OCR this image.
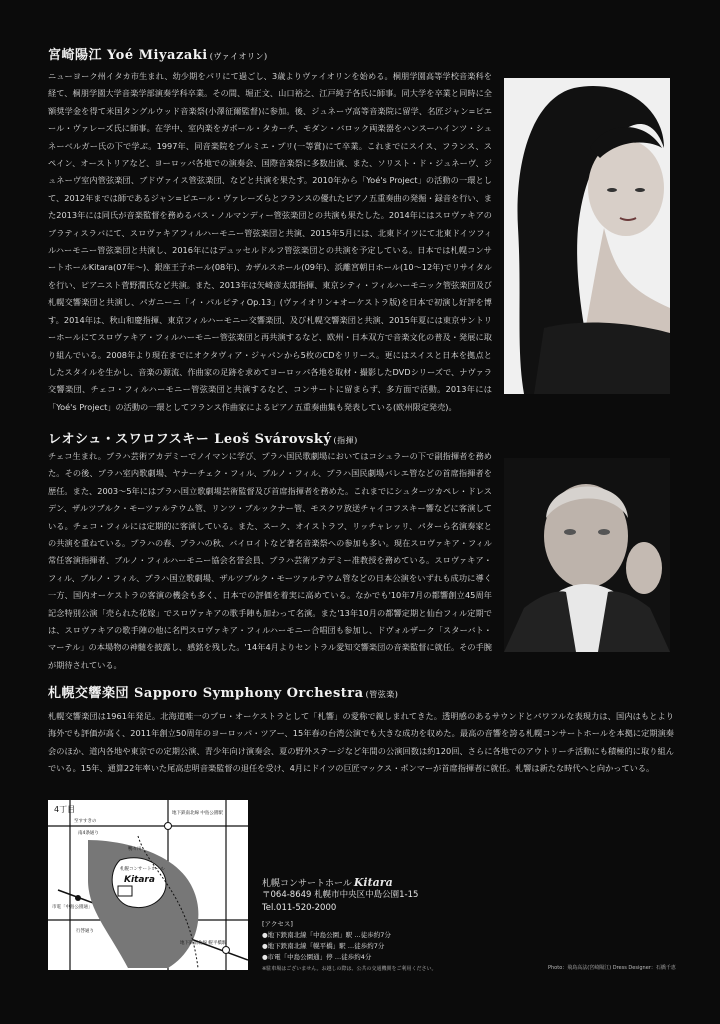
宮崎陽江 Yoé Miyazaki (ヴァイオリン)

ニューヨーク州イタカ市生まれ、幼少期をパリにて過ごし、3歳よりヴァイオリンを始める。桐朋学園高等学校音楽科を経て、桐朋学園大学音楽学部演奏学科卒業。その間、堀正文、山口裕之、江戸純子各氏に師事。同大学を卒業と同時に全額奨学金を得て米国タングルウッド音楽祭(小澤征爾監督)に参加。後、ジュネーヴ高等音楽院に留学、名匠ジャン=ピエール・ヴァレーズ氏に師事。在学中、室内楽をガボール・タカーチ、モダン・バロック両楽器をハンスーハインツ・シュネーベルガー氏の下で学ぶ。1997年、同音楽院をプルミエ・プリ(一等賞)にて卒業。これまでにスイス、フランス、スペイン、オーストリアなど、ヨーロッパ各地での演奏会、国際音楽祭に多数出演、また、ソリスト・ド・ジュネーヴ、ジュネーヴ室内管弦楽団、ブドヴァイス管弦楽団、などと共演を果たす。2010年から「Yoé's Project」の活動の一環として、2012年までは師であるジャン=ピエール・ヴァレーズらとフランスの優れたピアノ五重奏曲の発掘・録音を行い、また2013年には同氏が音楽監督を務めるバス・ノルマンディー管弦楽団との共演も果たした。2014年にはスロヴァキアのブラティスラバにて、スロヴァキアフィルハーモニー管弦楽団と共演、2015年5月には、北東ドイツにて北東ドイツフィルハーモニー管弦楽団と共演し、2016年にはデュッセルドルフ管弦楽団との共演を予定している。日本では札幌コンサートホールKitara(07年〜)、銀座王子ホール(08年)、カザルスホール(09年)、浜離宮朝日ホール(10〜12年)でリサイタルを行い、ピアニスト菅野潤氏など共演。また、2013年は矢崎彦太郎指揮、東京シティ・フィルハーモニック管弦楽団及び札幌交響楽団と共演し、パガニーニ「イ・パルピティOp.13」(ヴァイオリン+オーケストラ版)を日本で初演し好評を博す。2014年は、秋山和慶指揮、東京フィルハーモニー交響楽団、及び札幌交響楽団と共演、2015年夏には東京サントリーホールにてスロヴァキア・フィルハーモニー管弦楽団と再共演するなど、欧州・日本双方で音楽文化の普及・発展に取り組んでいる。2008年より現在までにオクタヴィア・ジャパンから5枚のCDをリリース。更にはスイスと日本を拠点としたスタイルを生かし、音楽の源流、作曲家の足跡を求めてヨーロッパ各地を取材・撮影したDVDシリーズで、ナヴァラ交響楽団、チェコ・フィルハーモニー管弦楽団と共演するなど、コンサートに留まらず、多方面で活動。2013年には「Yoé's Project」の活動の一環としてフランス作曲家によるピアノ五重奏曲集も発表している(欧州限定発売)。

レオシュ・スワロフスキー Leoš Svárovský (指揮)

チェコ生まれ。プラハ芸術アカデミーでノイマンに学び、プラハ国民歌劇場においてはコシュラーの下で副指揮者を務めた。その後、プラハ室内歌劇場、ヤナーチェク・フィル、ブルノ・フィル、プラハ国民劇場バレエ管などの首席指揮者を歴任。また、2003〜5年にはプラハ国立歌劇場芸術監督及び首席指揮者を務めた。これまでにシュターツカペレ・ドレスデン、ザルツブルク・モーツァルテウム管、リンツ・ブルックナー管、モスクワ放送チャイコフスキー響などに客演している。チェコ・フィルには定期的に客演している。また、スーク、オイストラフ、リッチャレッリ、パターら名演奏家との共演を重ねている。プラハの春、プラハの秋、バイロイトなど著名音楽祭への参加も多い。現在スロヴァキア・フィル常任客演指揮者、ブルノ・フィルハーモニー協会名誉会員、プラハ芸術アカデミー准教授を務めている。スロヴァキア・フィル、ブルノ・フィル、プラハ国立歌劇場、ザルツブルク・モーツァルテウム管などの日本公演をいずれも成功に導く一方、国内オーケストラの客演の機会も多く、日本での評価を着実に高めている。なかでも'10年7月の都響創立45周年記念特別公演「売られた花嫁」でスロヴァキアの歌手陣も加わって名演。また'13年10月の都響定期と仙台フィル定期では、スロヴァキアの歌手陣の他に名門スロヴァキア・フィルハーモニー合唱団も参加し、ドヴォルザーク「スターバト・マーテル」の本場物の神髄を披露し、感銘を残した。'14年4月よりセントラル愛知交響楽団の音楽監督に就任。その手腕が期待されている。

札幌交響楽団 Sapporo Symphony Orchestra (管弦楽)

札幌交響楽団は1961年発足。北海道唯一のプロ・オーケストラとして「札響」の愛称で親しまれてきた。透明感のあるサウンドとパワフルな表現力は、国内はもとより海外でも評価が高く、2011年創立50周年のヨーロッパ・ツアー、15年春の台湾公演でも大きな成功を収めた。最高の音響を誇る札幌コンサートホールを本拠に定期演奏会のほか、道内各地や東京での定期公演、青少年向け演奏会、夏の野外ステージなど年間の公演回数は約120回、さらに各地でのアウトリーチ活動にも積極的に取り組んでいる。15年、通算22年率いた尾高忠明音楽監督の退任を受け、4月にドイツの巨匠マックス・ポンマーが首席指揮者に就任。札響は新たな時代へと向かっている。

4丁目
至すすきの
南4条通り
地下鉄南北線 中島公園駅
鴨々川
札幌コンサートホール
Kitara
市電「中島公園通」
行啓通り
地下鉄南北線 幌平橋駅
札幌コンサートホール Kitara
〒064-8649 札幌市中央区中島公園1-15
Tel.011-520-2000
[アクセス]
●地下鉄南北線「中島公園」駅 …徒歩約7分
●地下鉄南北線「幌平橋」駅 …徒歩約7分
●市電「中島公園通」停 …徒歩約4分
※駐車場はございません。お越しの際は、公共の交通機関をご利用ください。	Photo：飛鳥高法(宮崎陽江) Dress Designer：石橋千恵
